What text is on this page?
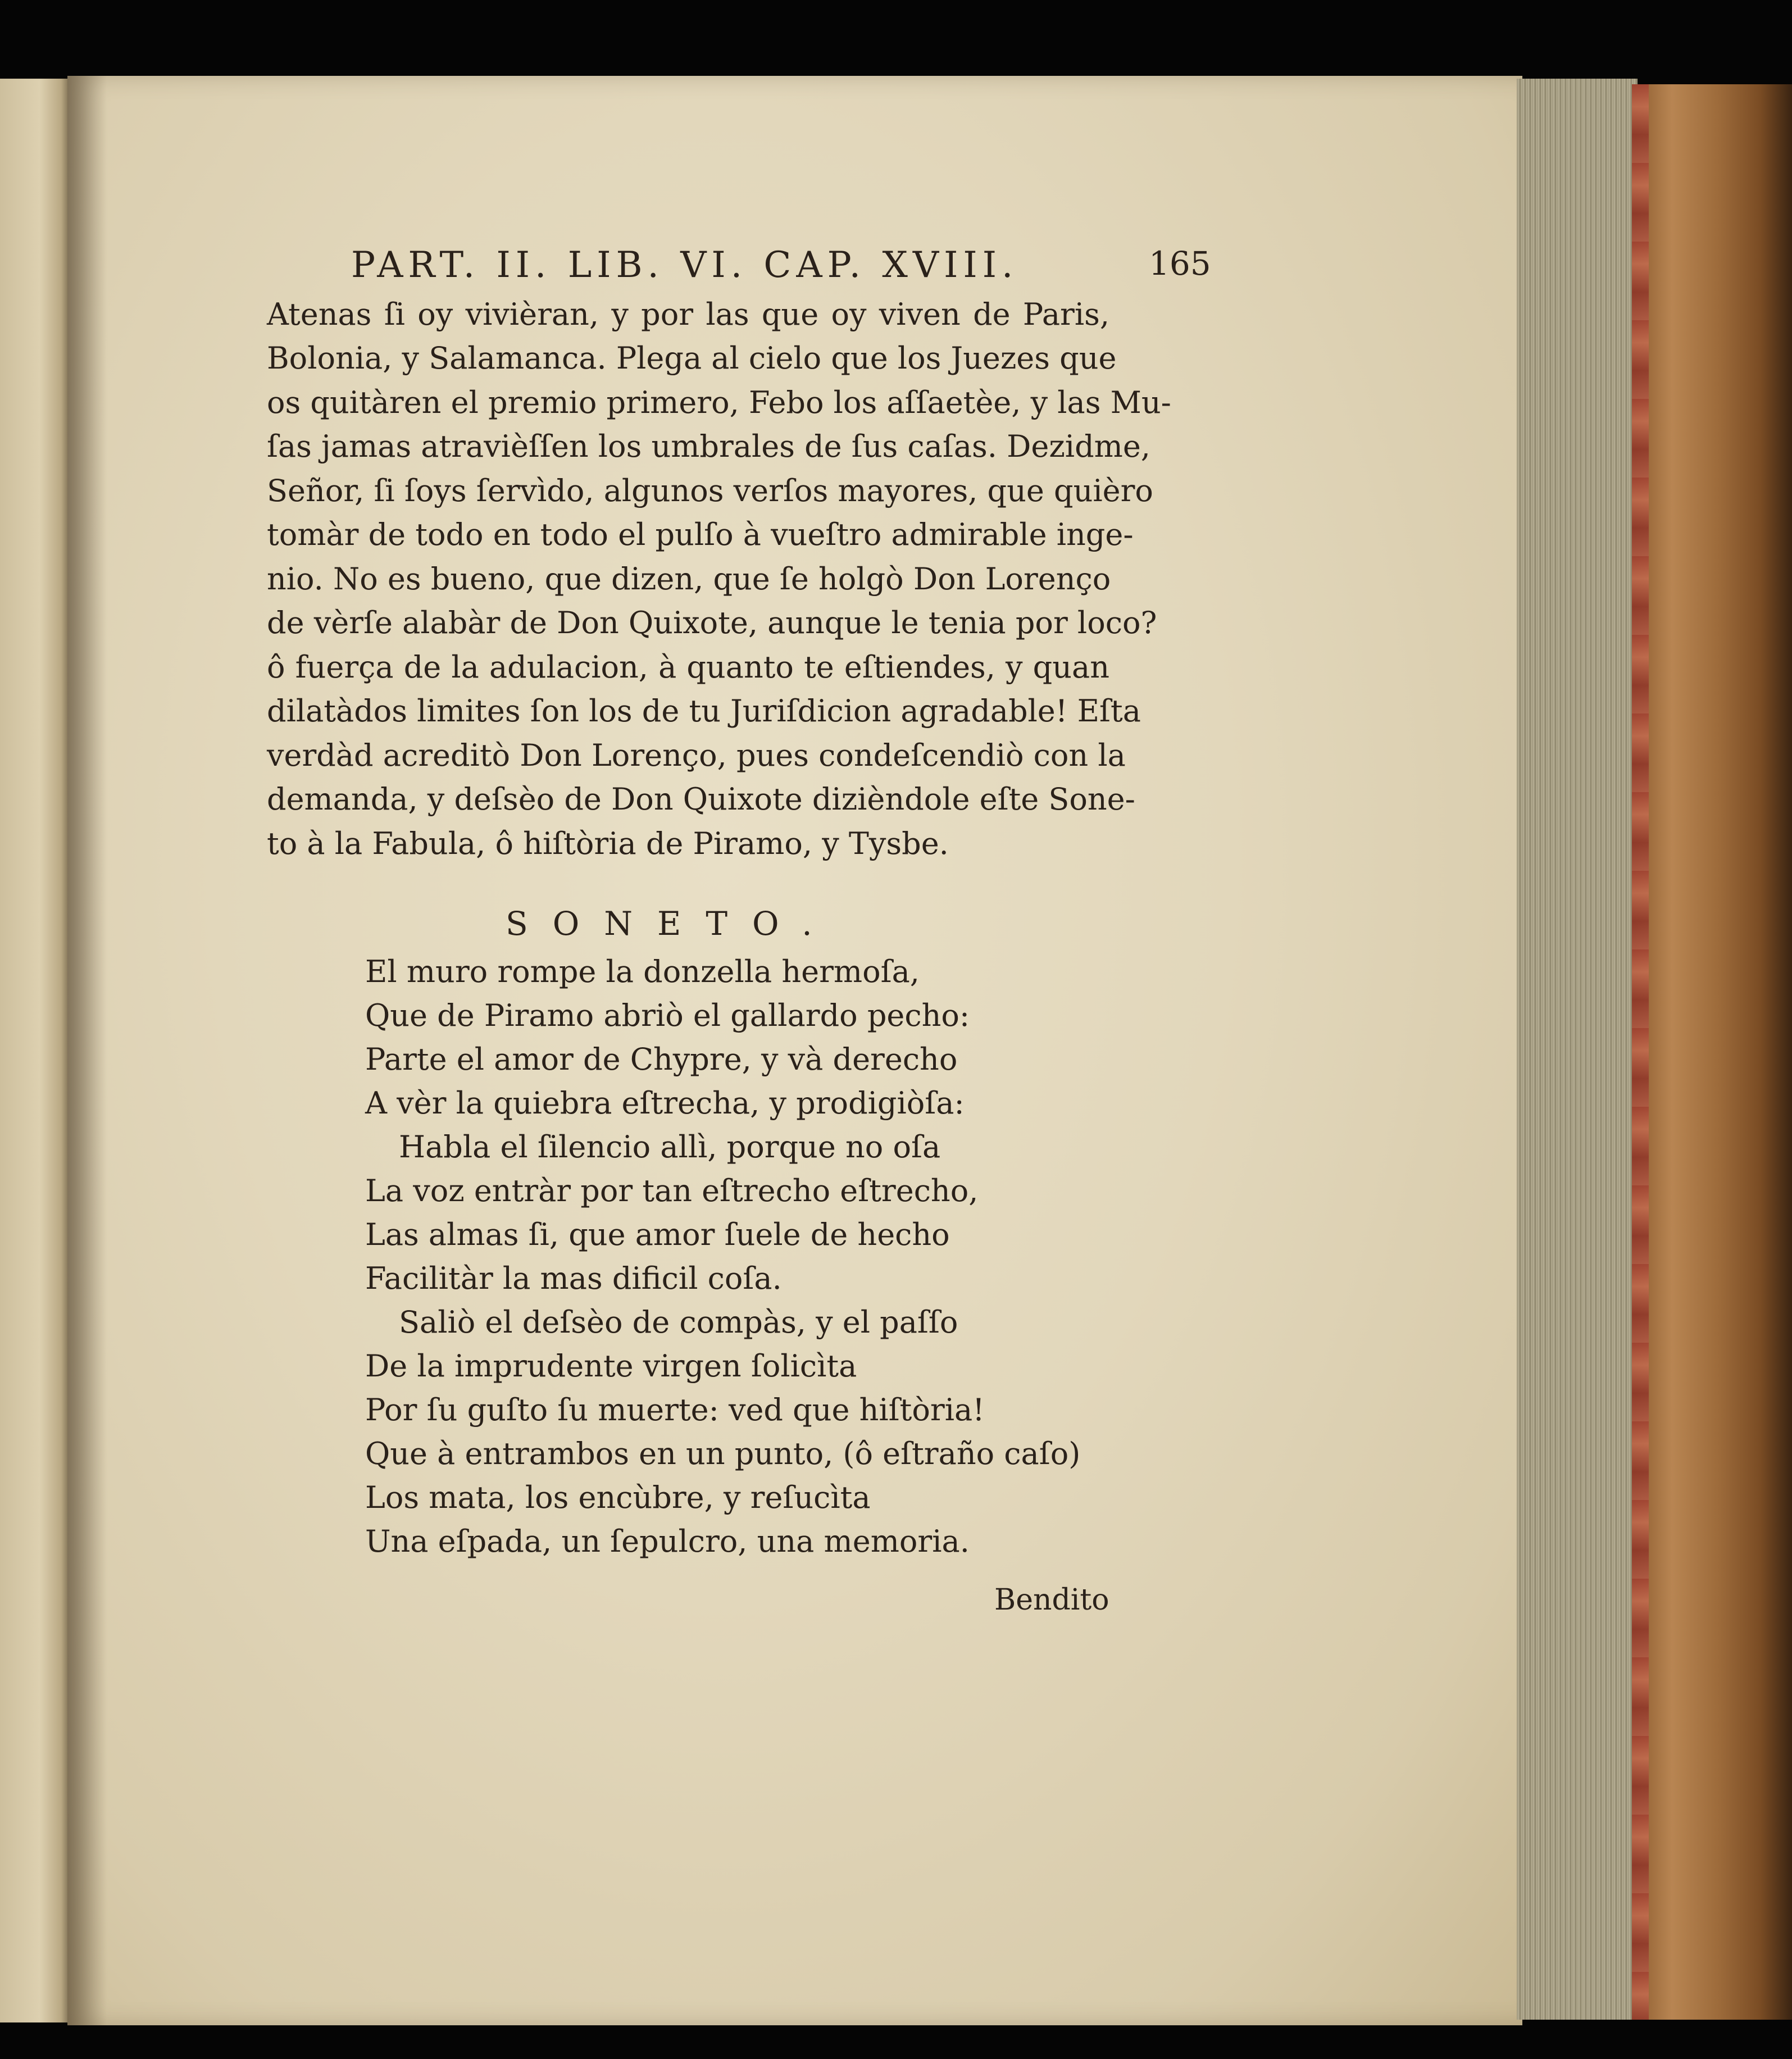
PART. II. LIB. VI. CAP. XVIII.	165
Atenas ſi oy vivièran, y por las que oy viven de Paris,
Bolonia, y Salamanca. Plega al cielo que los Juezes que
os quitàren el premio primero, Febo los aſſaetèe, y las Mu-
ſas jamas atravièſſen los umbrales de ſus caſas. Dezidme,
Señor, ſi ſoys ſervìdo, algunos verſos mayores, que quièro
tomàr de todo en todo el pulſo à vueſtro admirable inge-
nio. No es bueno, que dizen, que ſe holgò Don Lorenço
de vèrſe alabàr de Don Quixote, aunque le tenia por loco?
ô fuerça de la adulacion, à quanto te eſtiendes, y quan
dilatàdos limites ſon los de tu Juriſdicion agradable! Eſta
verdàd acreditò Don Lorenço, pues condeſcendiò con la
demanda, y deſsèo de Don Quixote dizièndole eſte Sone-
to à la Fabula, ô hiſtòria de Piramo, y Tysbe.
SONETO.
El muro rompe la donzella hermoſa,
Que de Piramo abriò el gallardo pecho:
Parte el amor de Chypre, y và derecho
A vèr la quiebra eſtrecha, y prodigiòſa:
Habla el ſilencio allì, porque no oſa
La voz entràr por tan eſtrecho eſtrecho,
Las almas ſi, que amor ſuele de hecho
Facilitàr la mas dificil coſa.
Saliò el deſsèo de compàs, y el paſſo
De la imprudente virgen ſolicìta
Por ſu guſto ſu muerte: ved que hiſtòria!
Que à entrambos en un punto, (ô eſtraño caſo)
Los mata, los encùbre, y reſucìta
Una eſpada, un ſepulcro, una memoria.
Bendito
